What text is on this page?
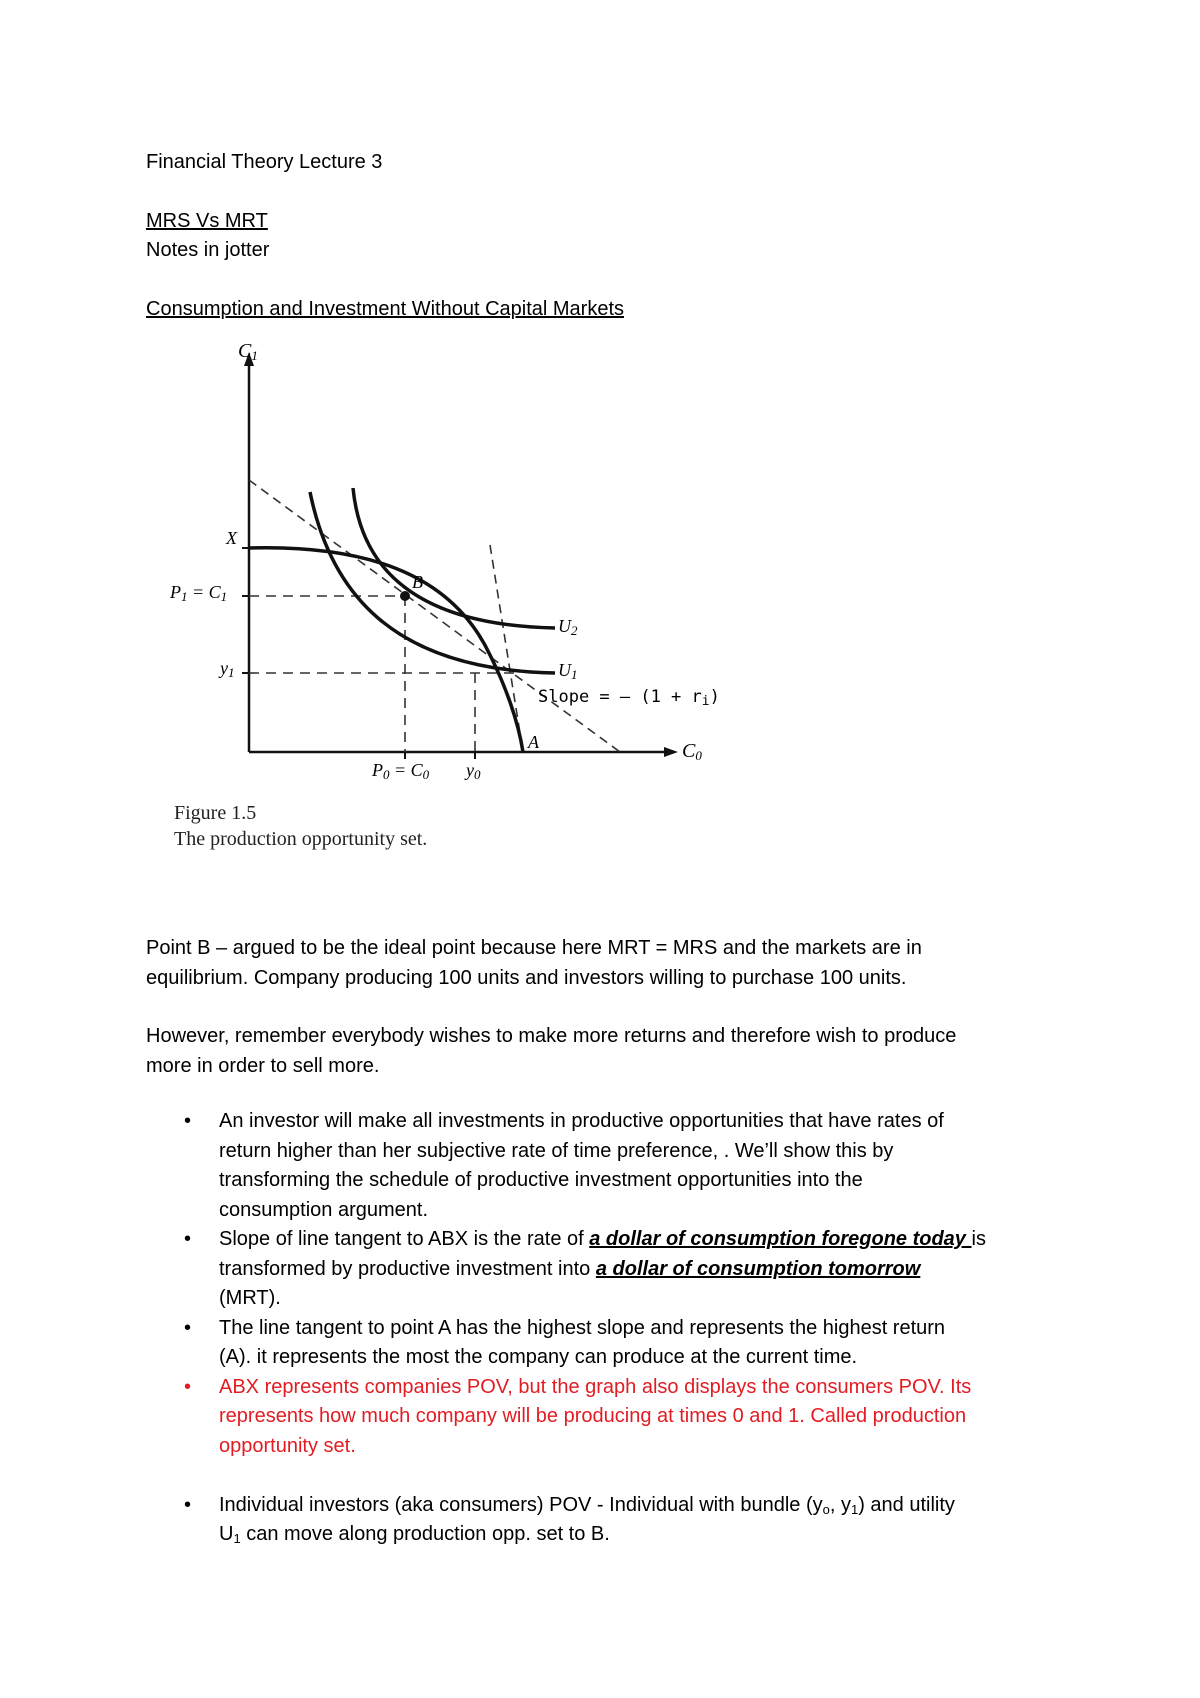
Financial Theory Lecture 3
MRS Vs MRT
Notes in jotter
Consumption and Investment Without Capital Markets
$C_1$
$C_0$
X
$P_1 = C_1$
$y_1$
B
$U_2$
$U_1$
Slope = – $(1 + r_i)$
A
$P_0 = C_0$ $y_0$
Figure 1.5
The production opportunity set.
Point B – argued to be the ideal point because here MRT = MRS and the markets are in
equilibrium. Company producing 100 units and investors willing to purchase 100 units.
However, remember everybody wishes to make more returns and therefore wish to produce
more in order to sell more.
• An investor will make all investments in productive opportunities that have rates of
return higher than her subjective rate of time preference, . We’ll show this by
transforming the schedule of productive investment opportunities into the
consumption argument.
• Slope of line tangent to ABX is the rate of a dollar of consumption foregone today is
transformed by productive investment into a dollar of consumption tomorrow
(MRT).
• The line tangent to point A has the highest slope and represents the highest return
(A). it represents the most the company can produce at the current time.
• ABX represents companies POV, but the graph also displays the consumers POV. Its
represents how much company will be producing at times 0 and 1. Called production
opportunity set.
• Individual investors (aka consumers) POV - Individual with bundle ($y_o$, $y_1$) and utility
$U_1$ can move along production opp. set to B.
